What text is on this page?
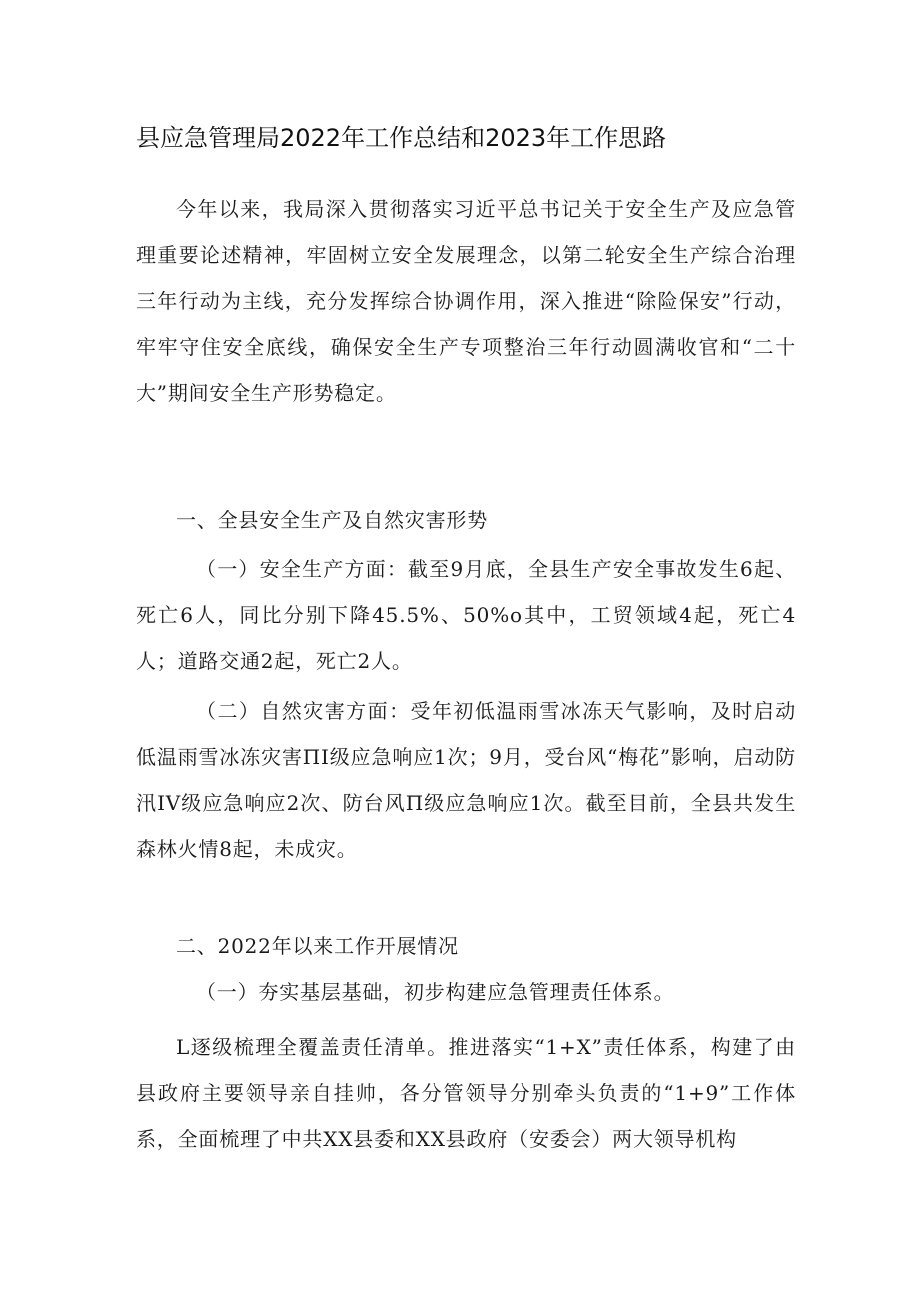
县应急管理局2022年工作总结和2023年工作思路

今年以来，我局深入贯彻落实习近平总书记关于安全生产及应急管理重要论述精神，牢固树立安全发展理念，以第二轮安全生产综合治理三年行动为主线，充分发挥综合协调作用，深入推进“除险保安”行动，牢牢守住安全底线，确保安全生产专项整治三年行动圆满收官和“二十大”期间安全生产形势稳定。

一、全县安全生产及自然灾害形势

（一）安全生产方面：截至9月底，全县生产安全事故发生6起、死亡6人，同比分别下降45.5%、50%o其中，工贸领域4起，死亡4人；道路交通2起，死亡2人。

（二）自然灾害方面：受年初低温雨雪冰冻天气影响，及时启动低温雨雪冰冻灾害ΠI级应急响应1次；9月，受台风“梅花”影响，启动防汛IV级应急响应2次、防台风Π级应急响应1次。截至目前，全县共发生森林火情8起，未成灾。

二、2022年以来工作开展情况

（一）夯实基层基础，初步构建应急管理责任体系。

L逐级梳理全覆盖责任清单。推进落实“1+X”责任体系，构建了由县政府主要领导亲自挂帅，各分管领导分别牵头负责的“1+9”工作体系，全面梳理了中共XX县委和XX县政府（安委会）两大领导机构
